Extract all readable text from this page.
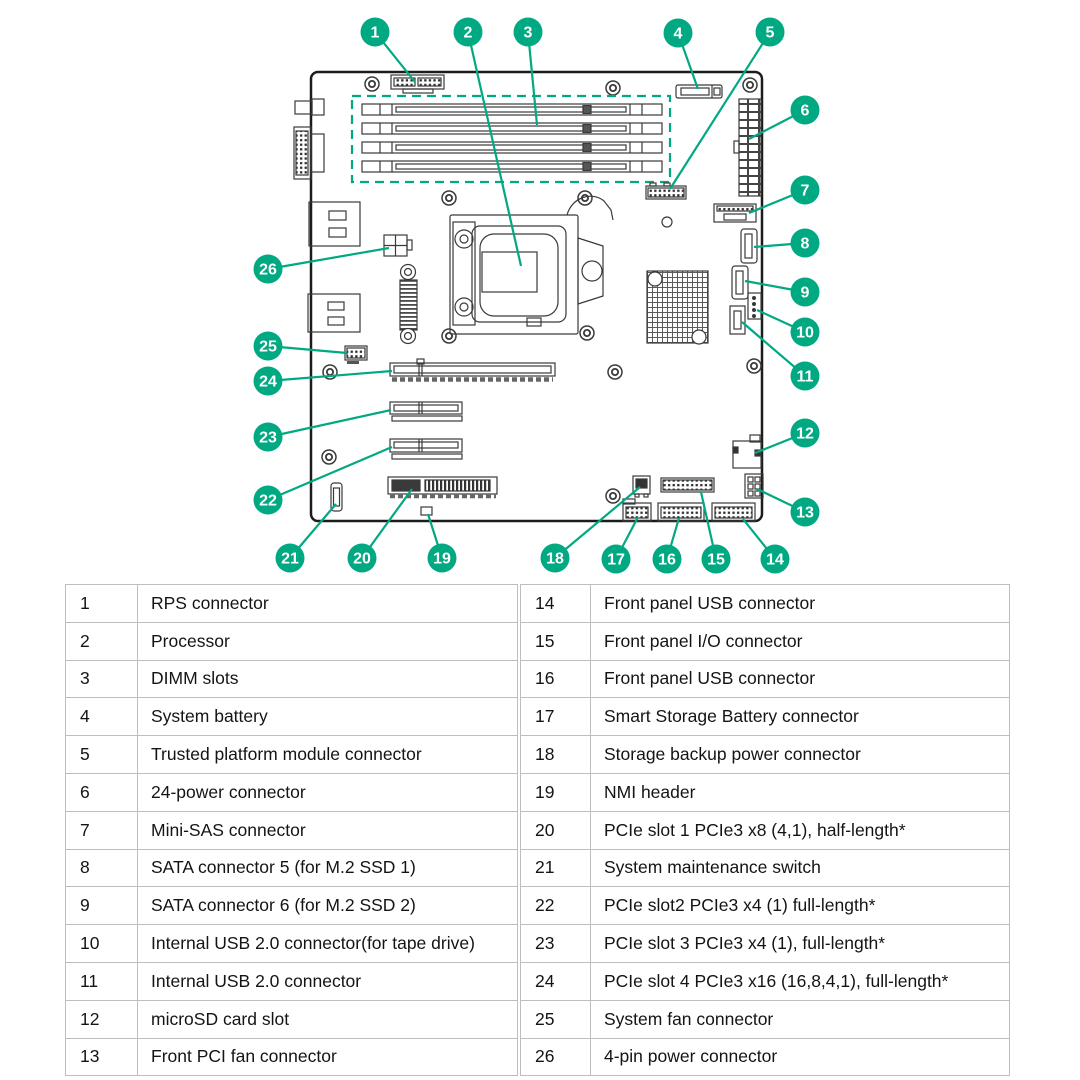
1	2	3	4	5
6
7
8
9
10
11
12
13
14
15
16
17
18
19
20
21
22
23
24
25
26
1	RPS connector
2	Processor
3	DIMM slots
4	System battery
5	Trusted platform module connector
6	24-power connector
7	Mini-SAS connector
8	SATA connector 5 (for M.2 SSD 1)
9	SATA connector 6 (for M.2 SSD 2)
10	Internal USB 2.0 connector(for tape drive)
11	Internal USB 2.0 connector
12	microSD card slot
13	Front PCI fan connector
14	Front panel USB connector
15	Front panel I/O connector
16	Front panel USB connector
17	Smart Storage Battery connector
18	Storage backup power connector
19	NMI header
20	PCIe slot 1 PCIe3 x8 (4,1), half-length*
21	System maintenance switch
22	PCIe slot2 PCIe3 x4 (1) full-length*
23	PCIe slot 3 PCIe3 x4 (1), full-length*
24	PCIe slot 4 PCIe3 x16 (16,8,4,1), full-length*
25	System fan connector
26	4-pin power connector
